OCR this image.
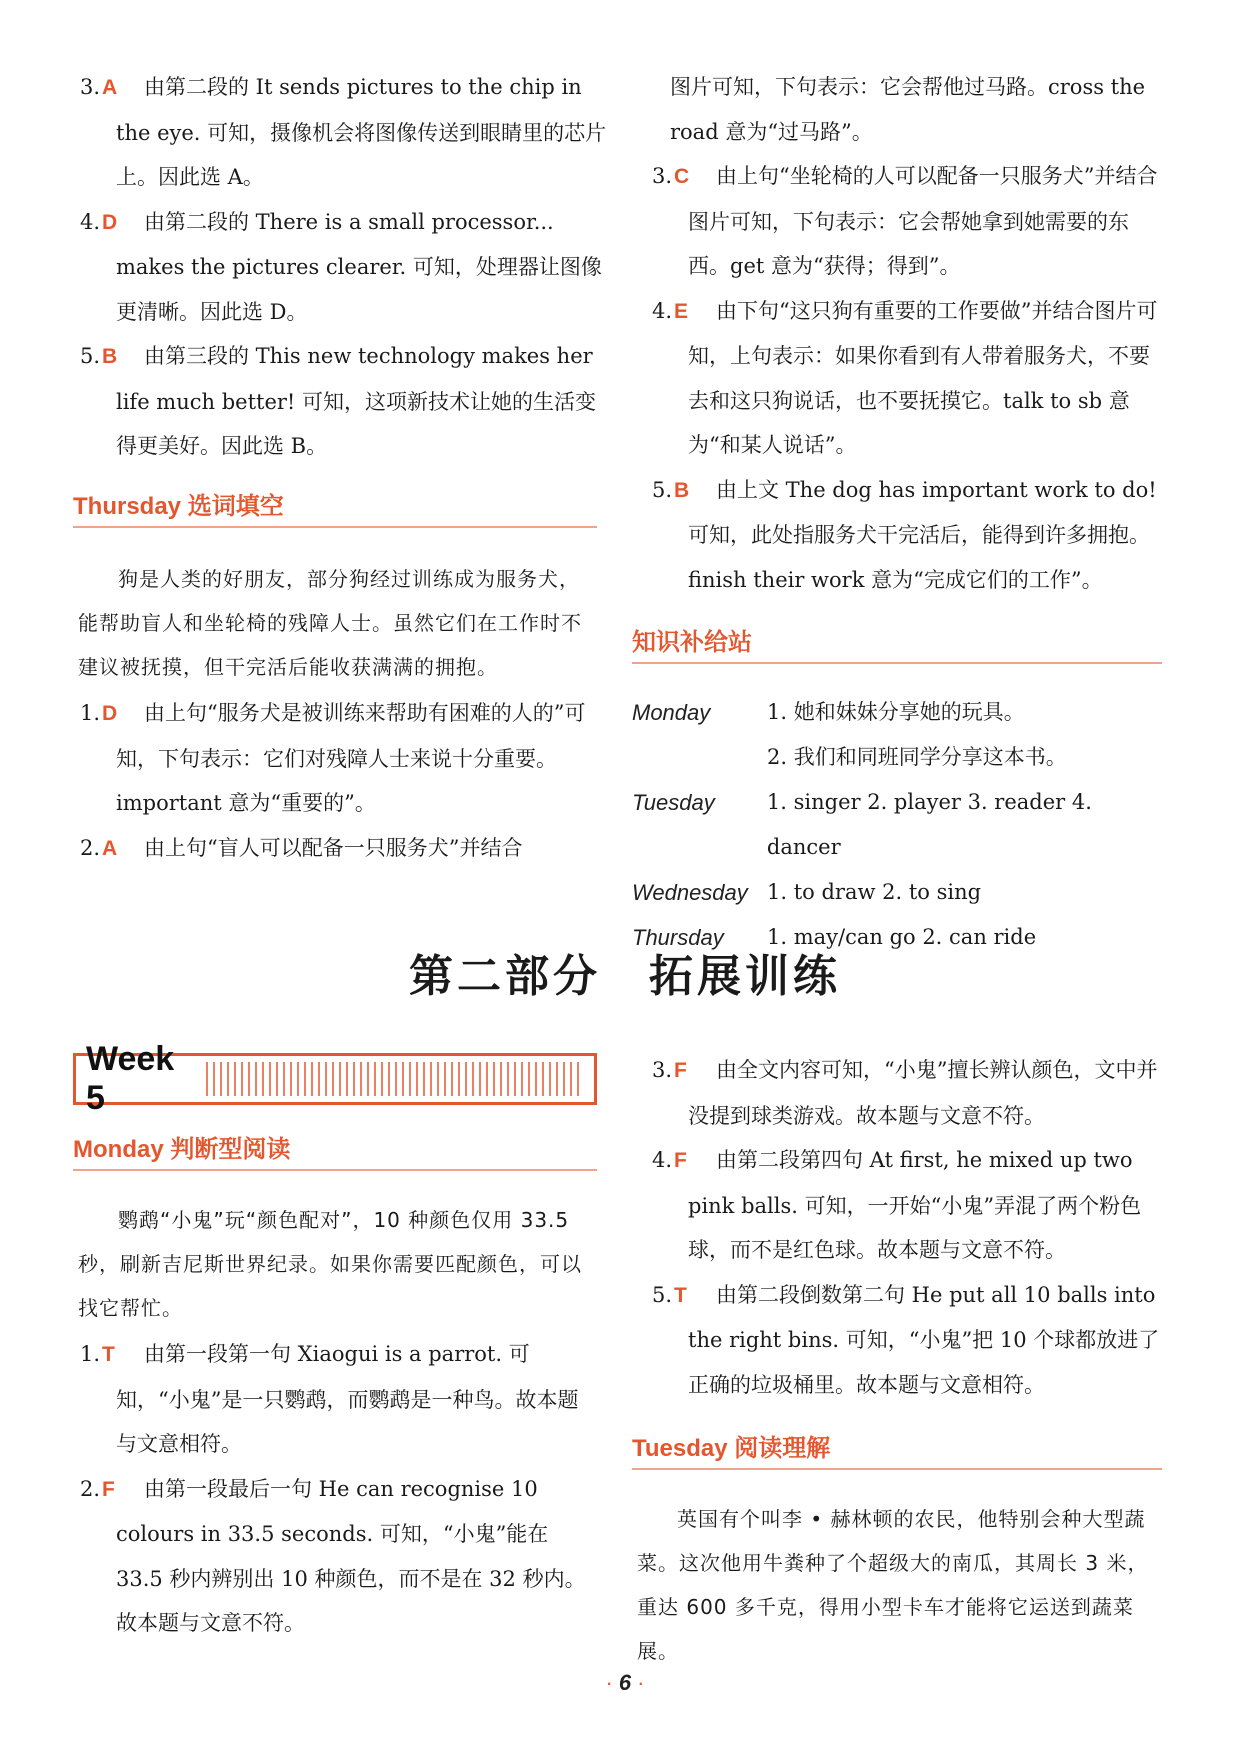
3.A 由第二段的 It sends pictures to the chip in the eye. 可知，摄像机会将图像传送到眼睛里的芯片上。因此选 A。
4.D 由第二段的 There is a small processor... makes the pictures clearer. 可知，处理器让图像更清晰。因此选 D。
5.B 由第三段的 This new technology makes her life much better! 可知，这项新技术让她的生活变得更美好。因此选 B。
Thursday 选词填空
狗是人类的好朋友，部分狗经过训练成为服务犬，能帮助盲人和坐轮椅的残障人士。虽然它们在工作时不建议被抚摸，但干完活后能收获满满的拥抱。
1.D 由上句“服务犬是被训练来帮助有困难的人的”可知，下句表示：它们对残障人士来说十分重要。important 意为“重要的”。
2.A 由上句“盲人可以配备一只服务犬”并结合
图片可知，下句表示：它会帮他过马路。cross the road 意为“过马路”。
3.C 由上句“坐轮椅的人可以配备一只服务犬”并结合图片可知，下句表示：它会帮她拿到她需要的东西。get 意为“获得；得到”。
4.E 由下句“这只狗有重要的工作要做”并结合图片可知，上句表示：如果你看到有人带着服务犬，不要去和这只狗说话，也不要抚摸它。talk to sb 意为“和某人说话”。
5.B 由上文 The dog has important work to do! 可知，此处指服务犬干完活后，能得到许多拥抱。finish their work 意为“完成它们的工作”。
知识补给站
Monday	1. 她和妹妹分享她的玩具。
2. 我们和同班同学分享这本书。
Tuesday	1. singer 2. player 3. reader 4. dancer
Wednesday 1. to draw 2. to sing
Thursday	1. may/can go 2. can ride
第二部分　拓展训练
Week 5
Monday 判断型阅读
鹦鹉“小鬼”玩“颜色配对”，10 种颜色仅用 33.5 秒，刷新吉尼斯世界纪录。如果你需要匹配颜色，可以找它帮忙。
1.T 由第一段第一句 Xiaogui is a parrot. 可知，“小鬼”是一只鹦鹉，而鹦鹉是一种鸟。故本题与文意相符。
2.F 由第一段最后一句 He can recognise 10 colours in 33.5 seconds. 可知，“小鬼”能在 33.5 秒内辨别出 10 种颜色，而不是在 32 秒内。故本题与文意不符。
3.F 由全文内容可知，“小鬼”擅长辨认颜色，文中并没提到球类游戏。故本题与文意不符。
4.F 由第二段第四句 At first, he mixed up two pink balls. 可知，一开始“小鬼”弄混了两个粉色球，而不是红色球。故本题与文意不符。
5.T 由第二段倒数第二句 He put all 10 balls into the right bins. 可知，“小鬼”把 10 个球都放进了正确的垃圾桶里。故本题与文意相符。
Tuesday 阅读理解
英国有个叫李 • 赫林顿的农民，他特别会种大型蔬菜。这次他用牛粪种了个超级大的南瓜，其周长 3 米，重达 600 多千克，得用小型卡车才能将它运送到蔬菜展。
· 6 ·
